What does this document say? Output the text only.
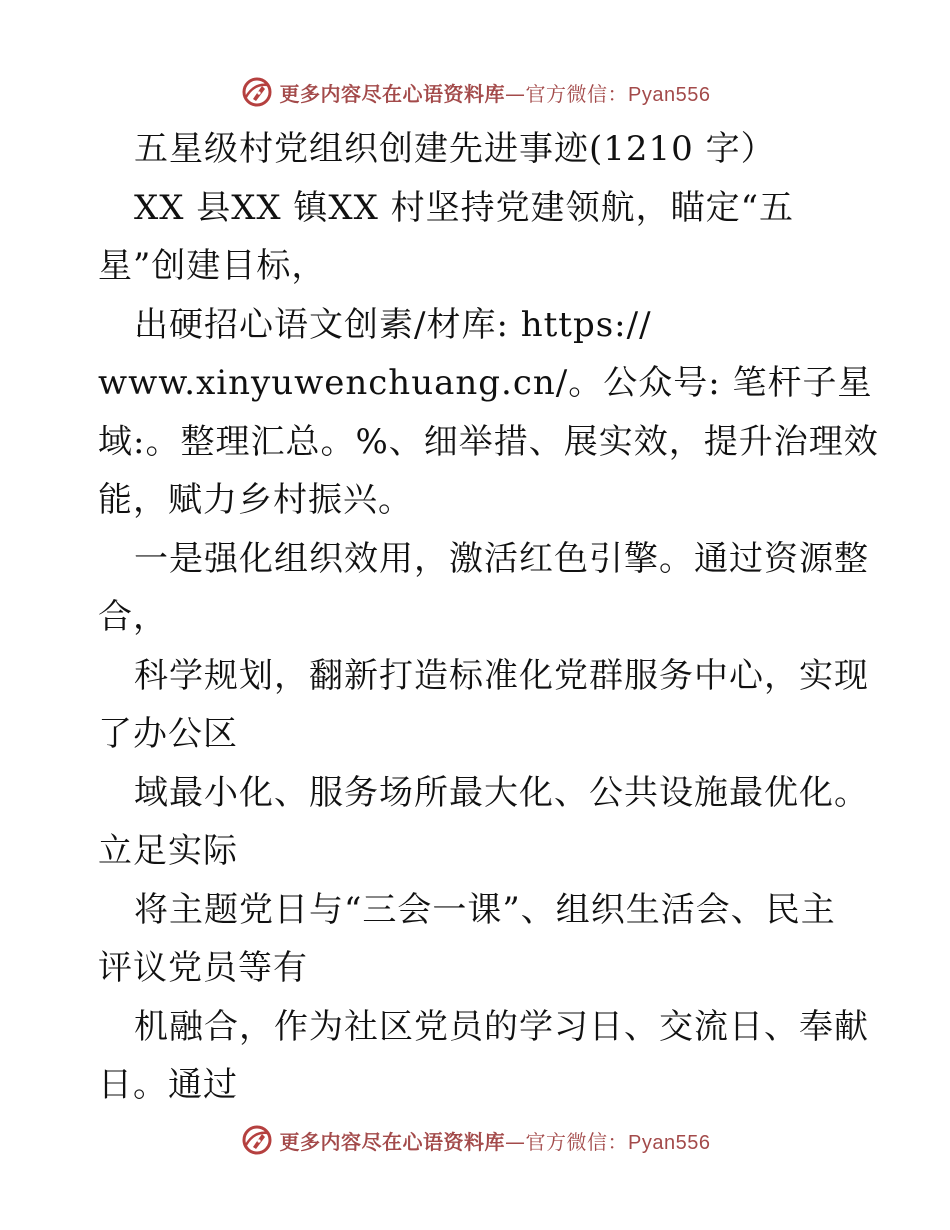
更多内容尽在心语资料库—官方微信：Pyan556
五星级村党组织创建先进事迹(1210 字）
XX 县XX 镇XX 村坚持党建领航，瞄定“五
星”创建目标，
出硬招心语文创素/材库: https://
www.xinyuwenchuang.cn/。公众号: 笔杆子星
域:。整理汇总。%、细举措、展实效，提升治理效
能，赋力乡村振兴。
一是强化组织效用，激活红色引擎。通过资源整
合，
科学规划，翻新打造标准化党群服务中心，实现
了办公区
域最小化、服务场所最大化、公共设施最优化。
立足实际
将主题党日与“三会一课”、组织生活会、民主
评议党员等有
机融合，作为社区党员的学习日、交流日、奉献
日。通过
更多内容尽在心语资料库—官方微信：Pyan556
